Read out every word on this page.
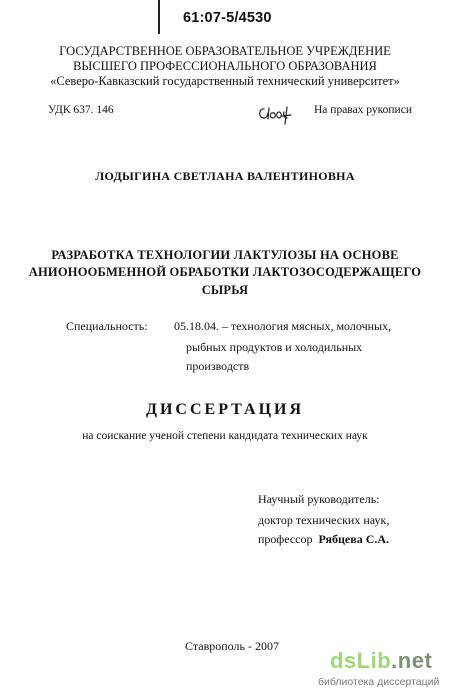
61:07-5/4530
ГОСУДАРСТВЕННОЕ ОБРАЗОВАТЕЛЬНОЕ УЧРЕЖДЕНИЕ
ВЫСШЕГО ПРОФЕССИОНАЛЬНОГО ОБРАЗОВАНИЯ
«Северо-Кавказский государственный технический университет»
УДК 637. 146	На правах рукописи
ЛОДЫГИНА СВЕТЛАНА ВАЛЕНТИНОВНА
РАЗРАБОТКА ТЕХНОЛОГИИ ЛАКТУЛОЗЫ НА ОСНОВЕ
АНИОНООБМЕННОЙ ОБРАБОТКИ ЛАКТОЗОСОДЕРЖАЩЕГО
СЫРЬЯ
Специальность: 05.18.04. – технология мясных, молочных,
рыбных продуктов и холодильных
производств
ДИССЕРТАЦИЯ
на соискание ученой степени кандидата технических наук
Научный руководитель:
доктор технических наук,
профессор Рябцева С.А.
Ставрополь - 2007
dsLib.net
библиотека диссертаций
